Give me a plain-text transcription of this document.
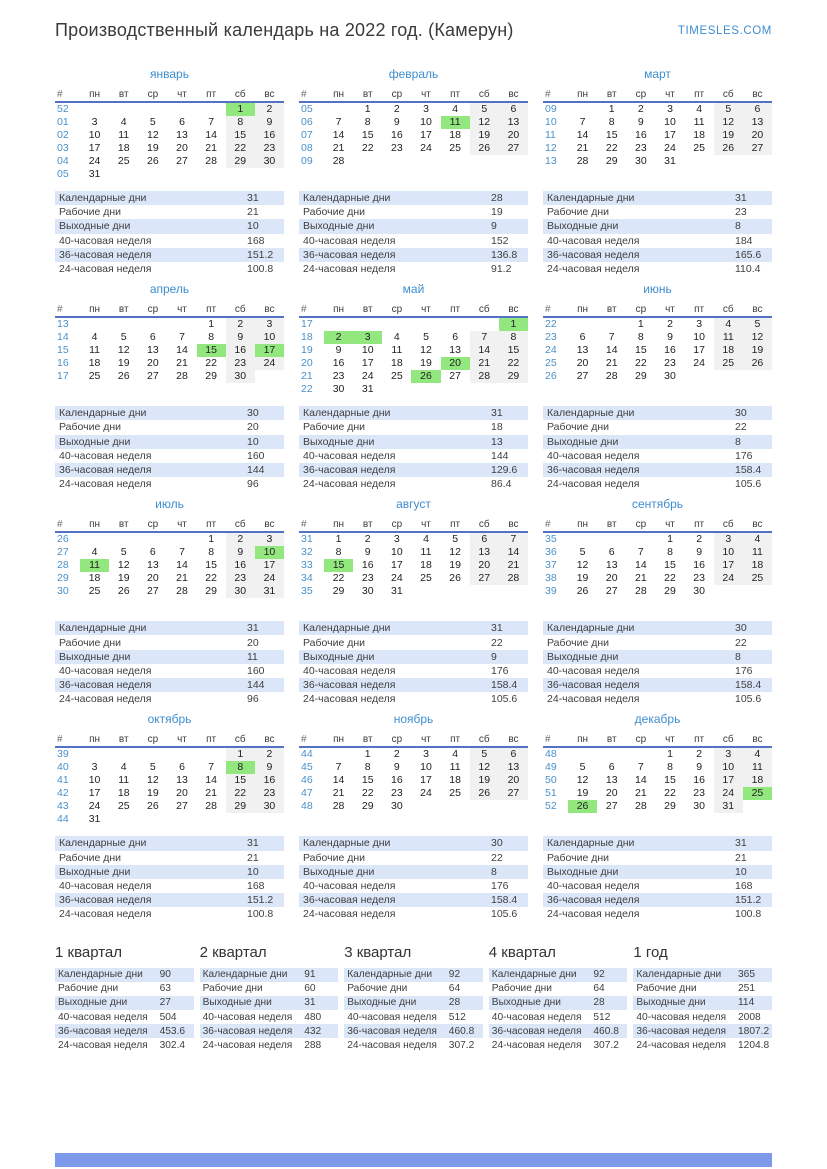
Производственный календарь на 2022 год. (Камерун)	TIMESLES.COM
январь
#	пн	вт	ср	чт	пт	сб	вс
52						1	2
01	3	4	5	6	7	8	9
02	10	11	12	13	14	15	16
03	17	18	19	20	21	22	23
04	24	25	26	27	28	29	30
05	31						
Календарные дни	31
Рабочие дни	21
Выходные дни	10
40-часовая неделя	168
36-часовая неделя	151.2
24-часовая неделя	100.8
февраль
#	пн	вт	ср	чт	пт	сб	вс
05		1	2	3	4	5	6
06	7	8	9	10	11	12	13
07	14	15	16	17	18	19	20
08	21	22	23	24	25	26	27
09	28						
Календарные дни	28
Рабочие дни	19
Выходные дни	9
40-часовая неделя	152
36-часовая неделя	136.8
24-часовая неделя	91.2
март
#	пн	вт	ср	чт	пт	сб	вс
09		1	2	3	4	5	6
10	7	8	9	10	11	12	13
11	14	15	16	17	18	19	20
12	21	22	23	24	25	26	27
13	28	29	30	31			
Календарные дни	31
Рабочие дни	23
Выходные дни	8
40-часовая неделя	184
36-часовая неделя	165.6
24-часовая неделя	110.4
апрель
#	пн	вт	ср	чт	пт	сб	вс
13					1	2	3
14	4	5	6	7	8	9	10
15	11	12	13	14	15	16	17
16	18	19	20	21	22	23	24
17	25	26	27	28	29	30	
Календарные дни	30
Рабочие дни	20
Выходные дни	10
40-часовая неделя	160
36-часовая неделя	144
24-часовая неделя	96
май
#	пн	вт	ср	чт	пт	сб	вс
17							1
18	2	3	4	5	6	7	8
19	9	10	11	12	13	14	15
20	16	17	18	19	20	21	22
21	23	24	25	26	27	28	29
22	30	31					
Календарные дни	31
Рабочие дни	18
Выходные дни	13
40-часовая неделя	144
36-часовая неделя	129.6
24-часовая неделя	86.4
июнь
#	пн	вт	ср	чт	пт	сб	вс
22			1	2	3	4	5
23	6	7	8	9	10	11	12
24	13	14	15	16	17	18	19
25	20	21	22	23	24	25	26
26	27	28	29	30			
Календарные дни	30
Рабочие дни	22
Выходные дни	8
40-часовая неделя	176
36-часовая неделя	158.4
24-часовая неделя	105.6
июль
#	пн	вт	ср	чт	пт	сб	вс
26					1	2	3
27	4	5	6	7	8	9	10
28	11	12	13	14	15	16	17
29	18	19	20	21	22	23	24
30	25	26	27	28	29	30	31
Календарные дни	31
Рабочие дни	20
Выходные дни	11
40-часовая неделя	160
36-часовая неделя	144
24-часовая неделя	96
август
#	пн	вт	ср	чт	пт	сб	вс
31	1	2	3	4	5	6	7
32	8	9	10	11	12	13	14
33	15	16	17	18	19	20	21
34	22	23	24	25	26	27	28
35	29	30	31				
Календарные дни	31
Рабочие дни	22
Выходные дни	9
40-часовая неделя	176
36-часовая неделя	158.4
24-часовая неделя	105.6
сентябрь
#	пн	вт	ср	чт	пт	сб	вс
35				1	2	3	4
36	5	6	7	8	9	10	11
37	12	13	14	15	16	17	18
38	19	20	21	22	23	24	25
39	26	27	28	29	30		
Календарные дни	30
Рабочие дни	22
Выходные дни	8
40-часовая неделя	176
36-часовая неделя	158.4
24-часовая неделя	105.6
октябрь
#	пн	вт	ср	чт	пт	сб	вс
39						1	2
40	3	4	5	6	7	8	9
41	10	11	12	13	14	15	16
42	17	18	19	20	21	22	23
43	24	25	26	27	28	29	30
44	31						
Календарные дни	31
Рабочие дни	21
Выходные дни	10
40-часовая неделя	168
36-часовая неделя	151.2
24-часовая неделя	100.8
ноябрь
#	пн	вт	ср	чт	пт	сб	вс
44		1	2	3	4	5	6
45	7	8	9	10	11	12	13
46	14	15	16	17	18	19	20
47	21	22	23	24	25	26	27
48	28	29	30				
Календарные дни	30
Рабочие дни	22
Выходные дни	8
40-часовая неделя	176
36-часовая неделя	158.4
24-часовая неделя	105.6
декабрь
#	пн	вт	ср	чт	пт	сб	вс
48				1	2	3	4
49	5	6	7	8	9	10	11
50	12	13	14	15	16	17	18
51	19	20	21	22	23	24	25
52	26	27	28	29	30	31	
Календарные дни	31
Рабочие дни	21
Выходные дни	10
40-часовая неделя	168
36-часовая неделя	151.2
24-часовая неделя	100.8
1 квартал
Календарные дни	90
Рабочие дни	63
Выходные дни	27
40-часовая неделя	504
36-часовая неделя	453.6
24-часовая неделя	302.4
2 квартал
Календарные дни	91
Рабочие дни	60
Выходные дни	31
40-часовая неделя	480
36-часовая неделя	432
24-часовая неделя	288
3 квартал
Календарные дни	92
Рабочие дни	64
Выходные дни	28
40-часовая неделя	512
36-часовая неделя	460.8
24-часовая неделя	307.2
4 квартал
Календарные дни	92
Рабочие дни	64
Выходные дни	28
40-часовая неделя	512
36-часовая неделя	460.8
24-часовая неделя	307.2
1 год
Календарные дни	365
Рабочие дни	251
Выходные дни	114
40-часовая неделя	2008
36-часовая неделя	1807.2
24-часовая неделя	1204.8
